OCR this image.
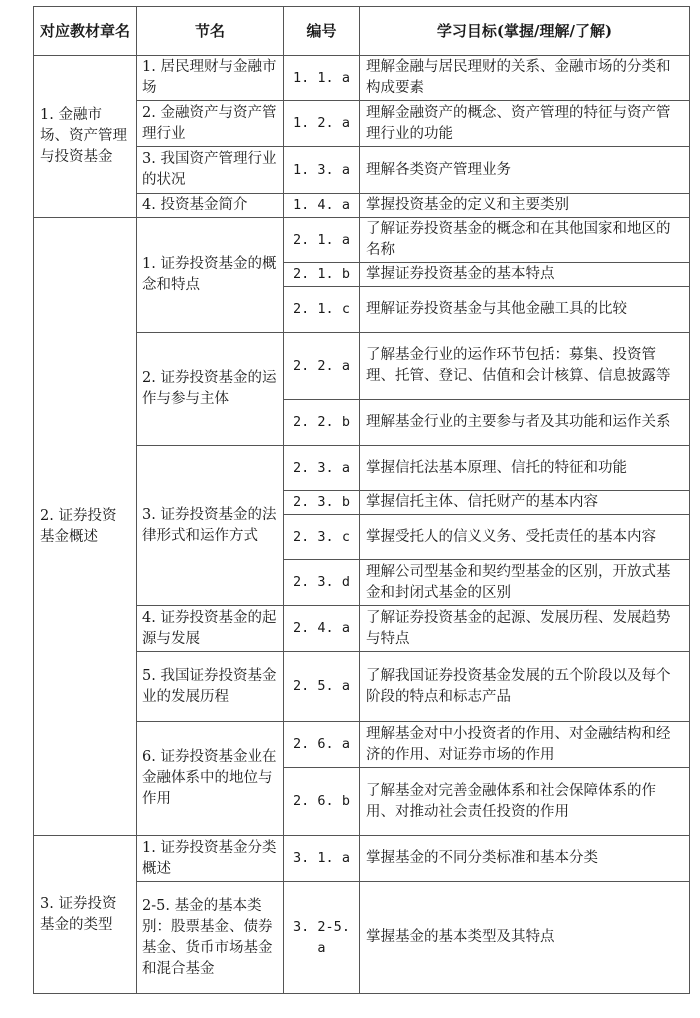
对应教材章名	节名	编号	学习目标(掌握/理解/了解)
1. 金融市场、资产管理与投资基金	1. 居民理财与金融市场	1. 1. a	理解金融与居民理财的关系、金融市场的分类和构成要素
	2. 金融资产与资产管理行业	1. 2. a	理解金融资产的概念、资产管理的特征与资产管理行业的功能
	3. 我国资产管理行业的状况	1. 3. a	理解各类资产管理业务
	4. 投资基金简介	1. 4. a	掌握投资基金的定义和主要类别
2. 证券投资基金概述	1. 证券投资基金的概念和特点	2. 1. a	了解证券投资基金的概念和在其他国家和地区的名称
		2. 1. b	掌握证券投资基金的基本特点
		2. 1. c	理解证券投资基金与其他金融工具的比较
	2. 证券投资基金的运作与参与主体	2. 2. a	了解基金行业的运作环节包括：募集、投资管理、托管、登记、估值和会计核算、信息披露等
		2. 2. b	理解基金行业的主要参与者及其功能和运作关系
	3. 证券投资基金的法律形式和运作方式	2. 3. a	掌握信托法基本原理、信托的特征和功能
		2. 3. b	掌握信托主体、信托财产的基本内容
		2. 3. c	掌握受托人的信义义务、受托责任的基本内容
		2. 3. d	理解公司型基金和契约型基金的区别，开放式基金和封闭式基金的区别
	4. 证券投资基金的起源与发展	2. 4. a	了解证券投资基金的起源、发展历程、发展趋势与特点
	5. 我国证券投资基金业的发展历程	2. 5. a	了解我国证券投资基金发展的五个阶段以及每个阶段的特点和标志产品
	6. 证券投资基金业在金融体系中的地位与作用	2. 6. a	理解基金对中小投资者的作用、对金融结构和经济的作用、对证券市场的作用
		2. 6. b	了解基金对完善金融体系和社会保障体系的作用、对推动社会责任投资的作用
3. 证券投资基金的类型	1. 证券投资基金分类概述	3. 1. a	掌握基金的不同分类标准和基本分类
	2-5. 基金的基本类别：股票基金、债券基金、货币市场基金和混合基金	3. 2-5. a	掌握基金的基本类型及其特点
